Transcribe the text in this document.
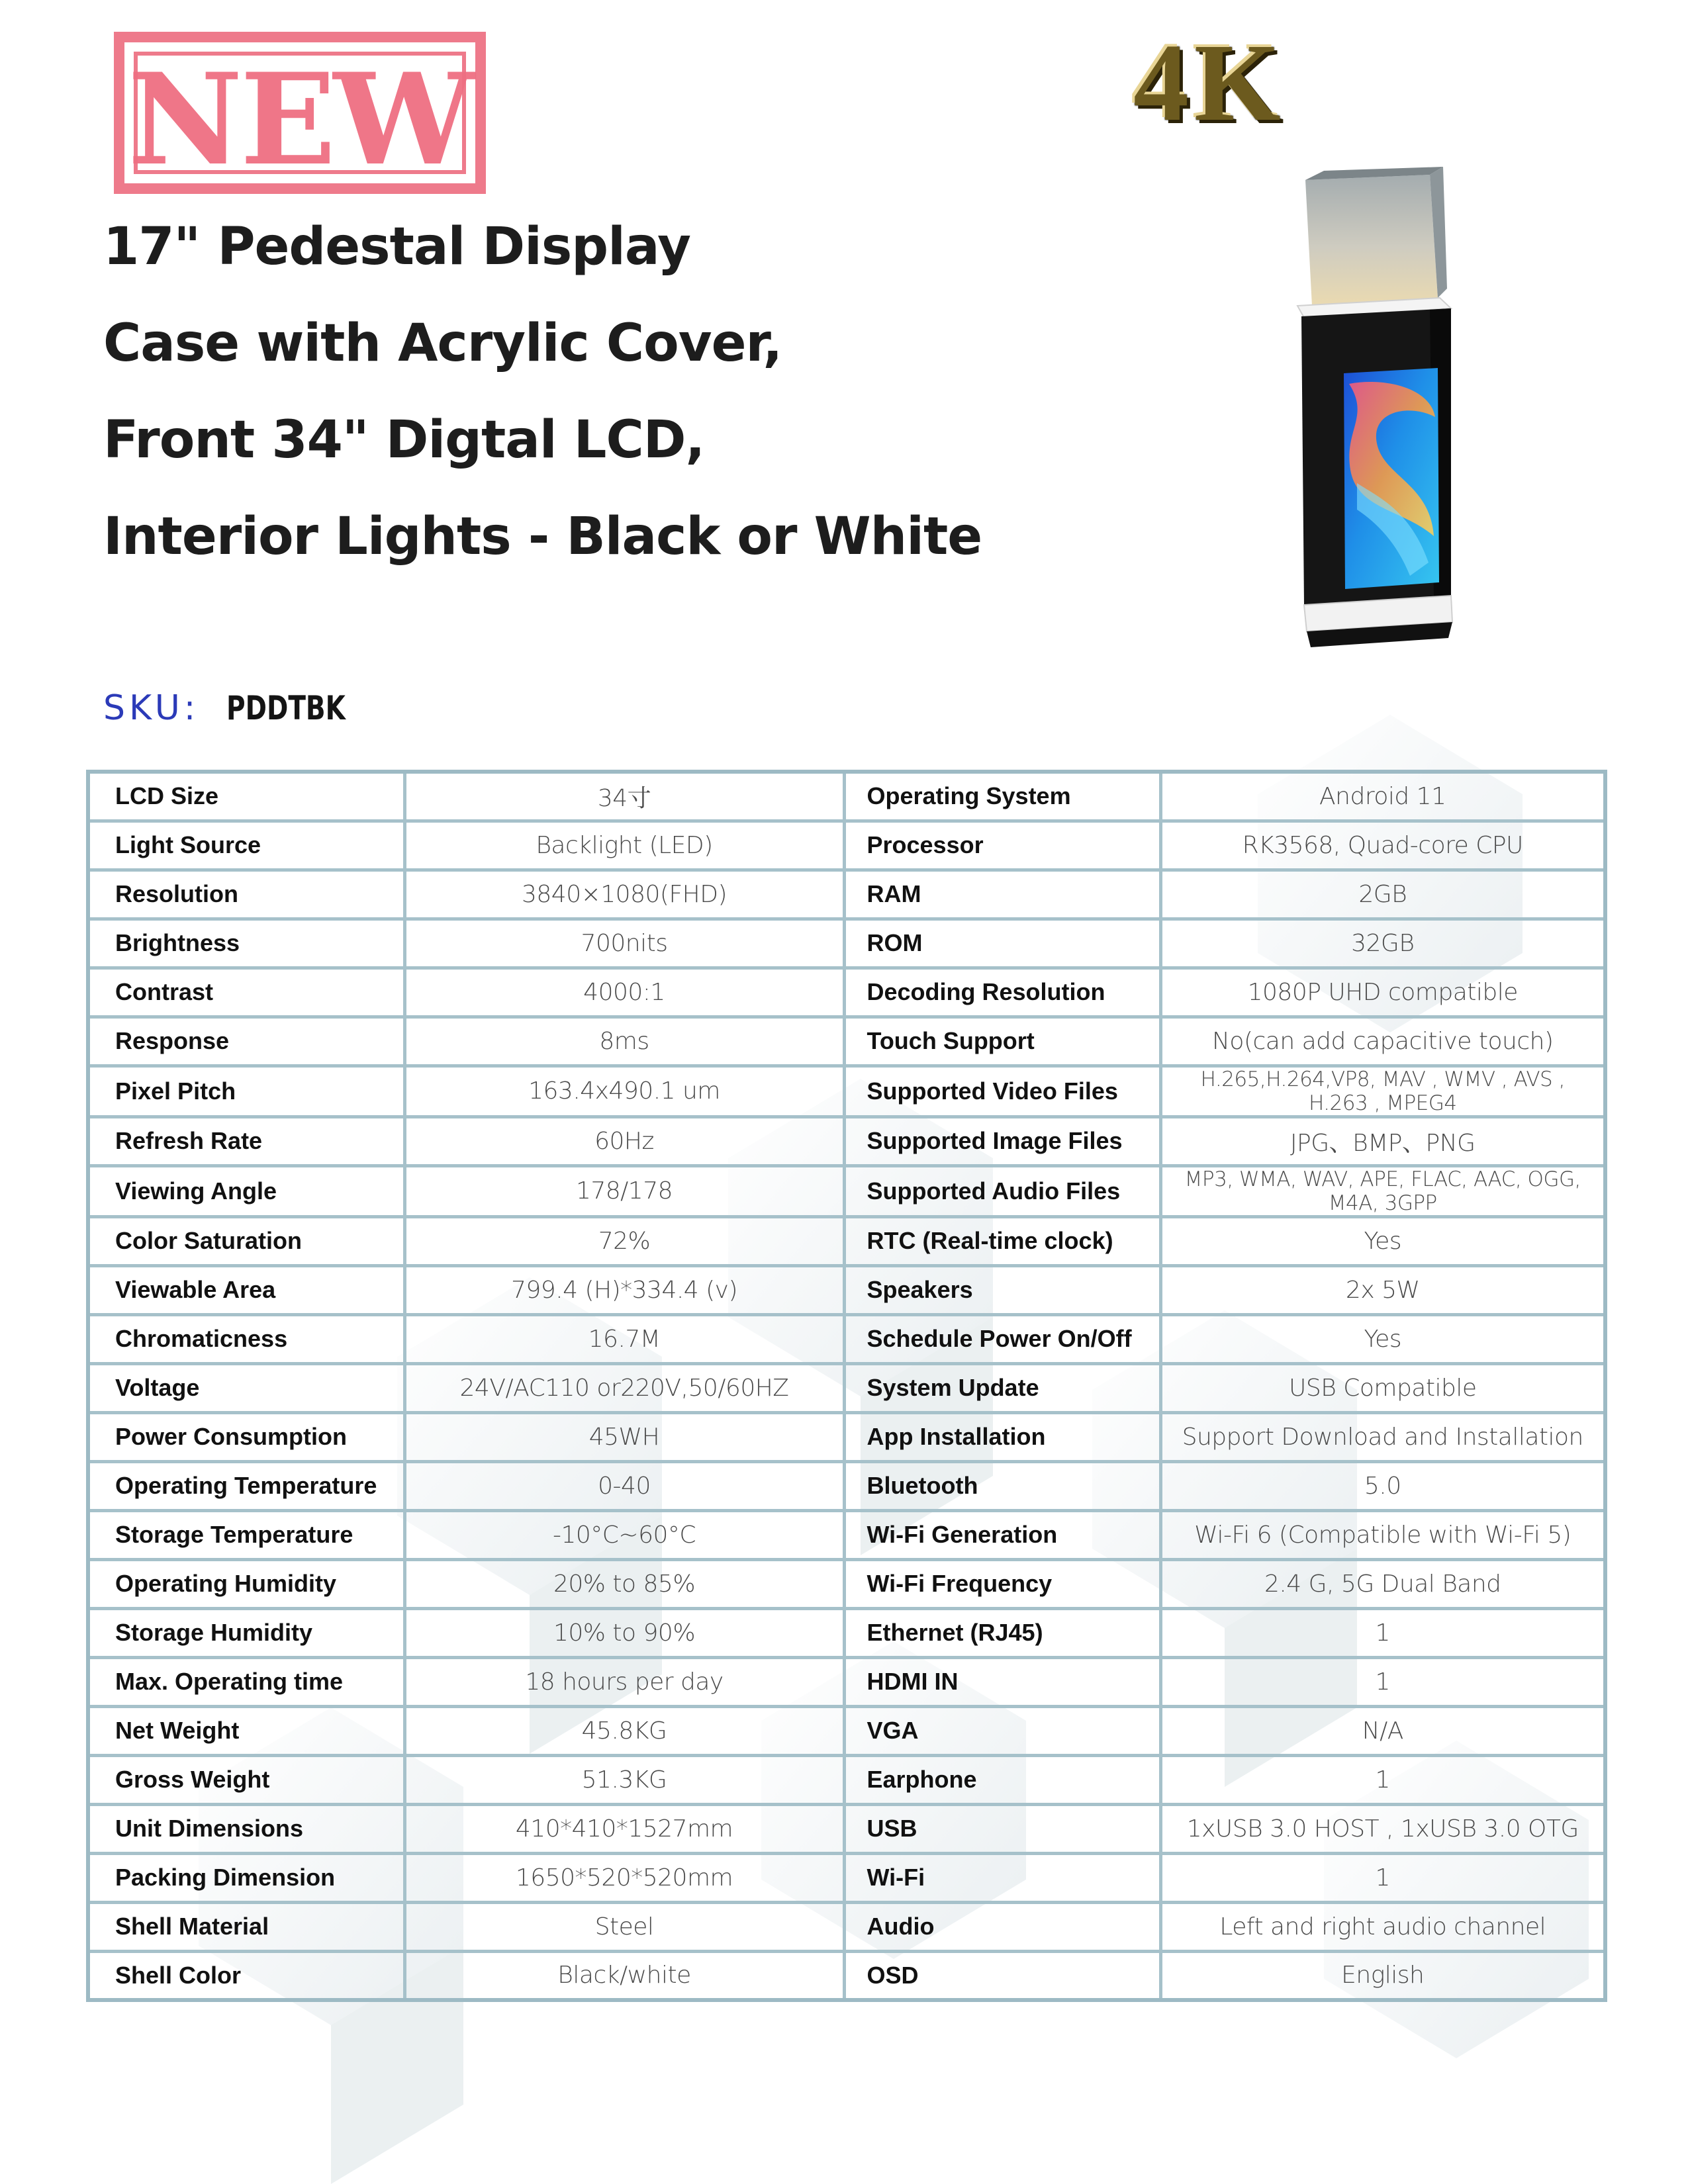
NEW	4K
17" Pedestal Display
Case with Acrylic Cover,
Front 34" Digtal LCD,
Interior Lights - Black or White
SKU: PDDTBK
LCD Size	34寸	Operating System	Android 11
Light Source	Backlight (LED)	Processor	RK3568, Quad-core CPU
Resolution	3840×1080(FHD)	RAM	2GB
Brightness	700nits	ROM	32GB
Contrast	4000:1	Decoding Resolution	1080P UHD compatible
Response	8ms	Touch Support	No(can add capacitive touch)
Pixel Pitch	163.4x490.1 um	Supported Video Files	H.265,H.264,VP8, MAV , WMV , AVS , H.263 , MPEG4
Refresh Rate	60Hz	Supported Image Files	JPG、BMP、PNG
Viewing Angle	178/178	Supported Audio Files	MP3, WMA, WAV, APE, FLAC, AAC, OGG, M4A, 3GPP
Color Saturation	72%	RTC (Real-time clock)	Yes
Viewable Area	799.4 (H)*334.4 (v)	Speakers	2x 5W
Chromaticness	16.7M	Schedule Power On/Off	Yes
Voltage	24V/AC110 or220V,50/60HZ	System Update	USB Compatible
Power Consumption	45WH	App Installation	Support Download and Installation
Operating Temperature	0-40	Bluetooth	5.0
Storage Temperature	-10°C~60°C	Wi-Fi Generation	Wi-Fi 6 (Compatible with Wi-Fi 5)
Operating Humidity	20% to 85%	Wi-Fi Frequency	2.4 G, 5G Dual Band
Storage Humidity	10% to 90%	Ethernet (RJ45)	1
Max. Operating time	18 hours per day	HDMI IN	1
Net Weight	45.8KG	VGA	N/A
Gross Weight	51.3KG	Earphone	1
Unit Dimensions	410*410*1527mm	USB	1xUSB 3.0 HOST , 1xUSB 3.0 OTG
Packing Dimension	1650*520*520mm	Wi-Fi	1
Shell Material	Steel	Audio	Left and right audio channel
Shell Color	Black/white	OSD	English
